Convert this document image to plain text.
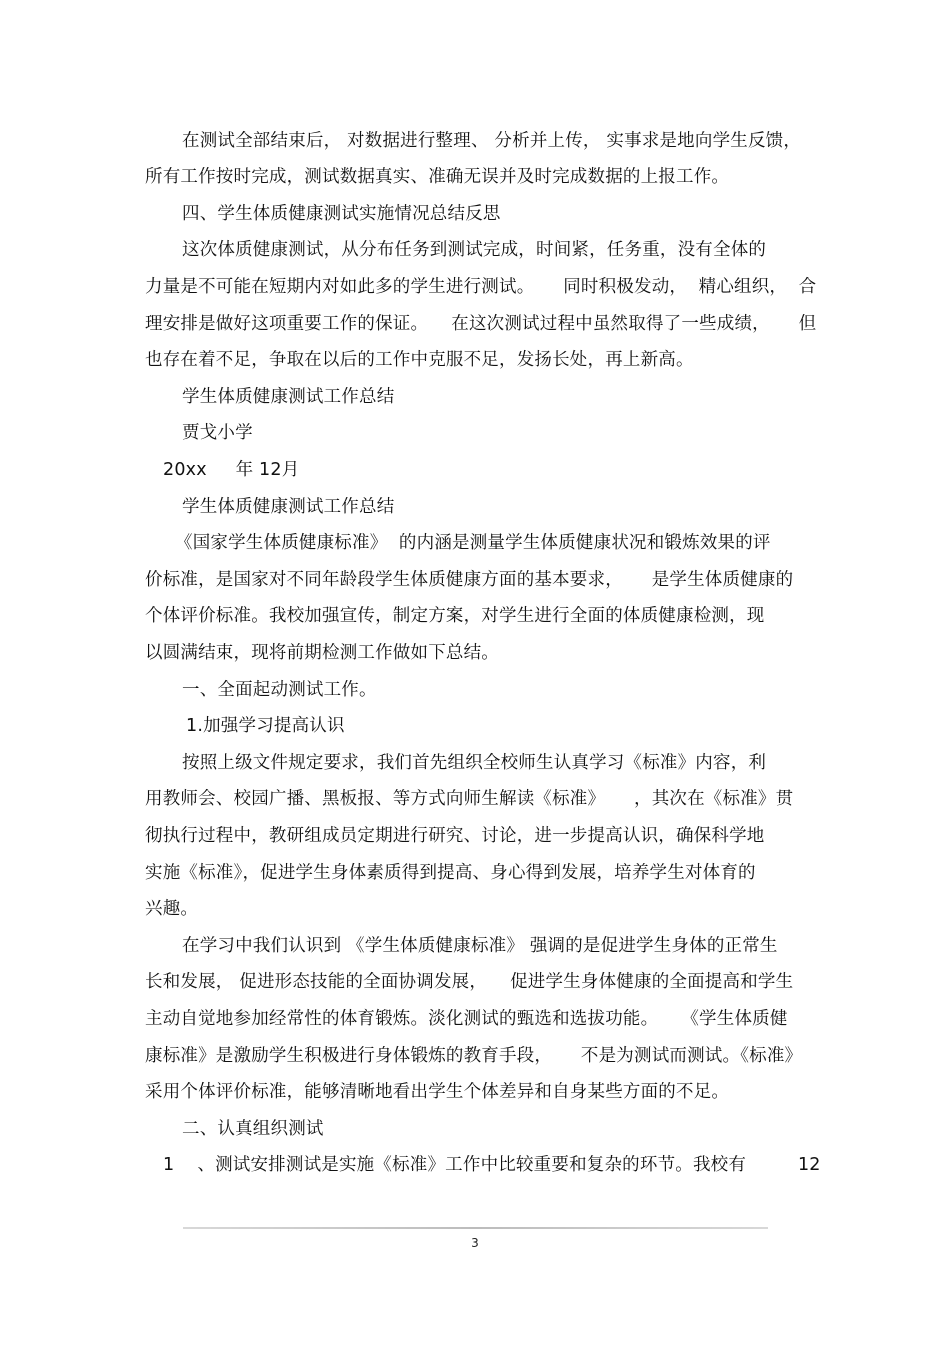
在测试全部结束后， 对数据进行整理、 分析并上传， 实事求是地向学生反馈，
所有工作按时完成，测试数据真实、准确无误并及时完成数据的上报工作。
四、学生体质健康测试实施情况总结反思
这次体质健康测试，从分布任务到测试完成，时间紧，任务重，没有全体的
力量是不可能在短期内对如此多的学生进行测试。     同时积极发动，  精心组织，  合
理安排是做好这项重要工作的保证。    在这次测试过程中虽然取得了一些成绩，     但
也存在着不足，争取在以后的工作中克服不足，发扬长处，再上新高。
学生体质健康测试工作总结
贾戈小学
20xx     年 12月
学生体质健康测试工作总结
《国家学生体质健康标准》  的内涵是测量学生体质健康状况和锻炼效果的评
价标准，是国家对不同年龄段学生体质健康方面的基本要求，     是学生体质健康的
个体评价标准。我校加强宣传，制定方案，对学生进行全面的体质健康检测，现
以圆满结束，现将前期检测工作做如下总结。
一、全面起动测试工作。
1.加强学习提高认识
按照上级文件规定要求，我们首先组织全校师生认真学习《标准》内容，利
用教师会、校园广播、黑板报、等方式向师生解读《标准》     ，其次在《标准》贯
彻执行过程中，教研组成员定期进行研究、讨论，进一步提高认识，确保科学地
实施《标准》，促进学生身体素质得到提高、身心得到发展，培养学生对体育的
兴趣。
在学习中我们认识到 《学生体质健康标准》 强调的是促进学生身体的正常生
长和发展， 促进形态技能的全面协调发展，    促进学生身体健康的全面提高和学生
主动自觉地参加经常性的体育锻炼。淡化测试的甄选和选拔功能。    《学生体质健
康标准》是激励学生积极进行身体锻炼的教育手段，     不是为测试而测试。《标准》
采用个体评价标准，能够清晰地看出学生个体差异和自身某些方面的不足。
二、认真组织测试
1    、测试安排测试是实施《标准》工作中比较重要和复杂的环节。我校有         12
3
